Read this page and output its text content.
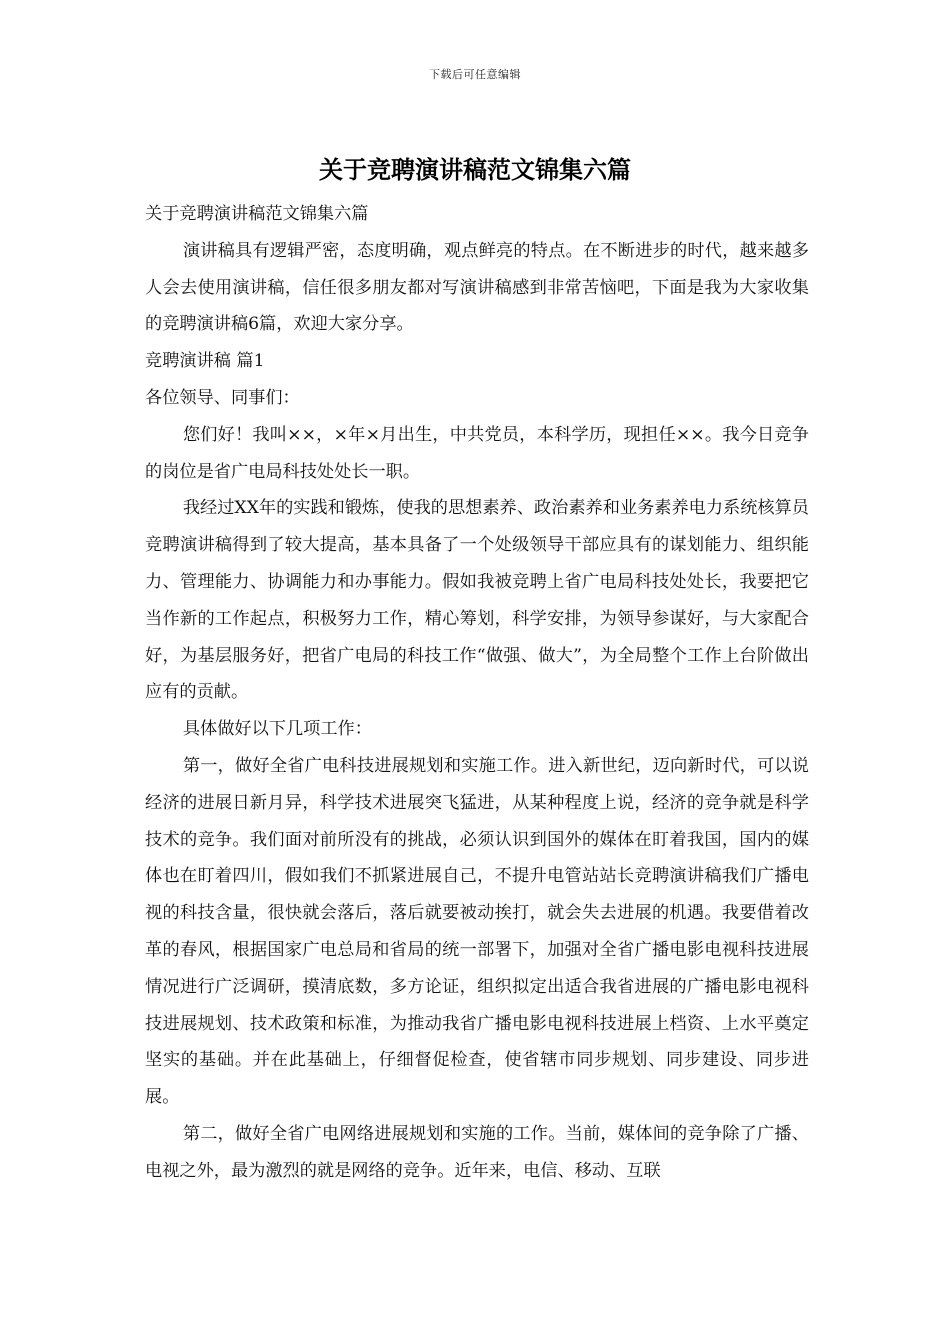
下载后可任意编辑
关于竞聘演讲稿范文锦集六篇

关于竞聘演讲稿范文锦集六篇

演讲稿具有逻辑严密，态度明确，观点鲜亮的特点。在不断进步的时代，越来越多人会去使用演讲稿，信任很多朋友都对写演讲稿感到非常苦恼吧，下面是我为大家收集的竞聘演讲稿6篇，欢迎大家分享。

竞聘演讲稿 篇1

各位领导、同事们：

您们好！我叫××，×年×月出生，中共党员，本科学历，现担任××。我今日竞争的岗位是省广电局科技处处长一职。

我经过XX年的实践和锻炼，使我的思想素养、政治素养和业务素养电力系统核算员竞聘演讲稿得到了较大提高，基本具备了一个处级领导干部应具有的谋划能力、组织能力、管理能力、协调能力和办事能力。假如我被竞聘上省广电局科技处处长，我要把它当作新的工作起点，积极努力工作，精心筹划，科学安排，为领导参谋好，与大家配合好，为基层服务好，把省广电局的科技工作“做强、做大”，为全局整个工作上台阶做出应有的贡献。

具体做好以下几项工作：

第一，做好全省广电科技进展规划和实施工作。进入新世纪，迈向新时代，可以说经济的进展日新月异，科学技术进展突飞猛进，从某种程度上说，经济的竞争就是科学技术的竞争。我们面对前所没有的挑战，必须认识到国外的媒体在盯着我国，国内的媒体也在盯着四川，假如我们不抓紧进展自己，不提升电管站站长竞聘演讲稿我们广播电视的科技含量，很快就会落后，落后就要被动挨打，就会失去进展的机遇。我要借着改革的春风，根据国家广电总局和省局的统一部署下，加强对全省广播电影电视科技进展情况进行广泛调研，摸清底数，多方论证，组织拟定出适合我省进展的广播电影电视科技进展规划、技术政策和标准，为推动我省广播电影电视科技进展上档资、上水平奠定坚实的基础。并在此基础上，仔细督促检查，使省辖市同步规划、同步建设、同步进展。

第二，做好全省广电网络进展规划和实施的工作。当前，媒体间的竞争除了广播、电视之外，最为激烈的就是网络的竞争。近年来，电信、移动、互联
